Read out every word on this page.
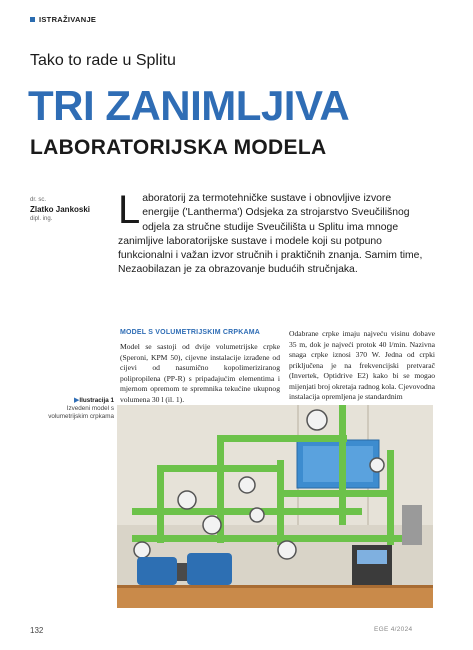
ISTRAŽIVANJE
Tako to rade u Splitu
TRI ZANIMLJIVA
LABORATORIJSKA MODELA
dr. sc.
Zlatko Jankoski
dipl. ing. Laboratorij za termotehničke sustave i obnovljive izvore energije ('Lantherma') Odsjeka za strojarstvo Sveučilišnog odjela za stručne studije Sveučilišta u Splitu ima mnoge zanimljive laboratorijske sustave i modele koji su potpuno funkcionalni i važan izvor stručnih i praktičnih znanja. Samim time, Nezaobilazan je za obrazovanje budućih stručnjaka.
MODEL S VOLUMETRIJSKIM CRPKAMA
Model se sastoji od dvije volumetrijske crpke (Speroni, KPM 50), cijevne instalacije izrađene od cijevi od nasumično kopolimeriziranog polipropilena (PP-R) s pripadajućim elementima i mjernom opremom te spremnika tekućine ukupnog volumena 30 l (il. 1).
Odabrane crpke imaju najveću visinu dobave 35 m, dok je najveći protok 40 l/min. Nazivna snaga crpke iznosi 370 W. Jedna od crpki priključena je na frekvencijski pretvarač (Invertek, Optidrive E2) kako bi se mogao mijenjati broj okretaja radnog kola. Cjevovodna instalacija opremljena je standardnim
▶Ilustracija 1
Izvedeni model s volumetrijskim crpkama
132	EGE 4/2024
